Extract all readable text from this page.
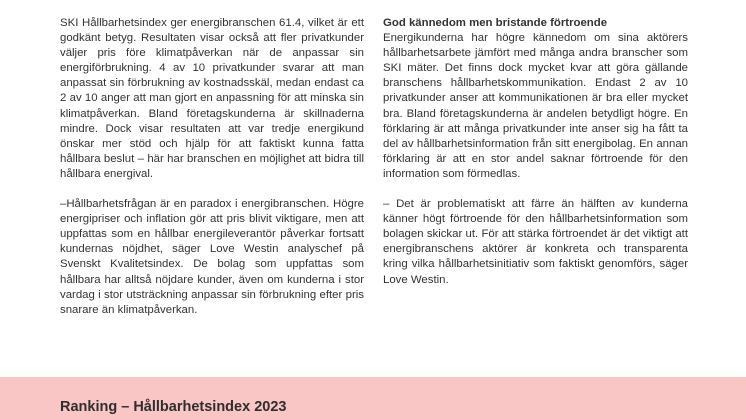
SKI Hållbarhetsindex ger energibranschen 61.4, vilket är ett godkänt betyg. Resultaten visar också att fler privatkunder väljer pris före klimatpåverkan när de anpassar sin energiförbrukning. 4 av 10 privatkunder svarar att man anpassat sin förbrukning av kostnadsskäl, medan endast ca 2 av 10 anger att man gjort en anpassning för att minska sin klimatpåverkan. Bland företagskunderna är skillnaderna mindre. Dock visar resultaten att var tredje energikund önskar mer stöd och hjälp för att faktiskt kunna fatta hållbara beslut – här har branschen en möjlighet att bidra till hållbara energival.

–Hållbarhetsfrågan är en paradox i energibranschen. Högre energipriser och inflation gör att pris blivit viktigare, men att uppfattas som en hållbar energileverantör påverkar fortsatt kundernas nöjdhet, säger Love Westin analyschef på Svenskt Kvalitetsindex. De bolag som uppfattas som hållbara har alltså nöjdare kunder, även om kunderna i stor vardag i stor utsträckning anpassar sin förbrukning efter pris snarare än klimatpåverkan.

God kännedom men bristande förtroende

Energikunderna har högre kännedom om sina aktörers hållbarhetsarbete jämfört med många andra branscher som SKI mäter. Det finns dock mycket kvar att göra gällande branschens hållbarhetskommunikation. Endast 2 av 10 privatkunder anser att kommunikationen är bra eller mycket bra. Bland företagskunderna är andelen betydligt högre. En förklaring är att många privatkunder inte anser sig ha fått ta del av hållbarhetsinformation från sitt energibolag. En annan förklaring är att en stor andel saknar förtroende för den information som förmedlas.

– Det är problematiskt att färre än hälften av kunderna känner högt förtroende för den hållbarhetsinformation som bolagen skickar ut. För att stärka förtroendet är det viktigt att energibranschens aktörer är konkreta och transparenta kring vilka hållbarhetsinitiativ som faktiskt genomförs, säger Love Westin.

Ranking – Hållbarhetsindex 2023
